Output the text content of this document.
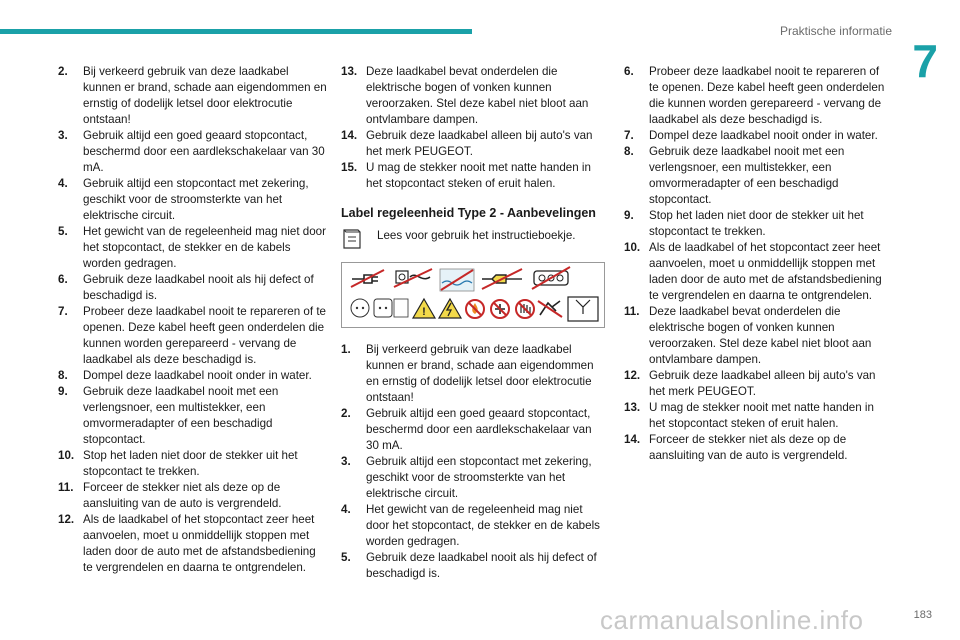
Praktische informatie
7
2. Bij verkeerd gebruik van deze laadkabel kunnen er brand, schade aan eigendommen en ernstig of dodelijk letsel door elektrocutie ontstaan!
3. Gebruik altijd een goed geaard stopcontact, beschermd door een aardlekschakelaar van 30 mA.
4. Gebruik altijd een stopcontact met zekering, geschikt voor de stroomsterkte van het elektrische circuit.
5. Het gewicht van de regeleenheid mag niet door het stopcontact, de stekker en de kabels worden gedragen.
6. Gebruik deze laadkabel nooit als hij defect of beschadigd is.
7. Probeer deze laadkabel nooit te repareren of te openen. Deze kabel heeft geen onderdelen die kunnen worden gerepareerd - vervang de laadkabel als deze beschadigd is.
8. Dompel deze laadkabel nooit onder in water.
9. Gebruik deze laadkabel nooit met een verlengsnoer, een multistekker, een omvormeradapter of een beschadigd stopcontact.
10. Stop het laden niet door de stekker uit het stopcontact te trekken.
11. Forceer de stekker niet als deze op de aansluiting van de auto is vergrendeld.
12. Als de laadkabel of het stopcontact zeer heet aanvoelen, moet u onmiddellijk stoppen met laden door de auto met de afstandsbediening te vergrendelen en daarna te ontgrendelen.
13. Deze laadkabel bevat onderdelen die elektrische bogen of vonken kunnen veroorzaken. Stel deze kabel niet bloot aan ontvlambare dampen.
14. Gebruik deze laadkabel alleen bij auto's van het merk PEUGEOT.
15. U mag de stekker nooit met natte handen in het stopcontact steken of eruit halen.
Label regeleenheid Type 2 - Aanbevelingen
Lees voor gebruik het instructieboekje.
!
1. Bij verkeerd gebruik van deze laadkabel kunnen er brand, schade aan eigendommen en ernstig of dodelijk letsel door elektrocutie ontstaan!
2. Gebruik altijd een goed geaard stopcontact, beschermd door een aardlekschakelaar van 30 mA.
3. Gebruik altijd een stopcontact met zekering, geschikt voor de stroomsterkte van het elektrische circuit.
4. Het gewicht van de regeleenheid mag niet door het stopcontact, de stekker en de kabels worden gedragen.
5. Gebruik deze laadkabel nooit als hij defect of beschadigd is.
6. Probeer deze laadkabel nooit te repareren of te openen. Deze kabel heeft geen onderdelen die kunnen worden gerepareerd - vervang de laadkabel als deze beschadigd is.
7. Dompel deze laadkabel nooit onder in water.
8. Gebruik deze laadkabel nooit met een verlengsnoer, een multistekker, een omvormeradapter of een beschadigd stopcontact.
9. Stop het laden niet door de stekker uit het stopcontact te trekken.
10. Als de laadkabel of het stopcontact zeer heet aanvoelen, moet u onmiddellijk stoppen met laden door de auto met de afstandsbediening te vergrendelen en daarna te ontgrendelen.
11. Deze laadkabel bevat onderdelen die elektrische bogen of vonken kunnen veroorzaken. Stel deze kabel niet bloot aan ontvlambare dampen.
12. Gebruik deze laadkabel alleen bij auto's van het merk PEUGEOT.
13. U mag de stekker nooit met natte handen in het stopcontact steken of eruit halen.
14. Forceer de stekker niet als deze op de aansluiting van de auto is vergrendeld.
carmanualsonline.info	183
